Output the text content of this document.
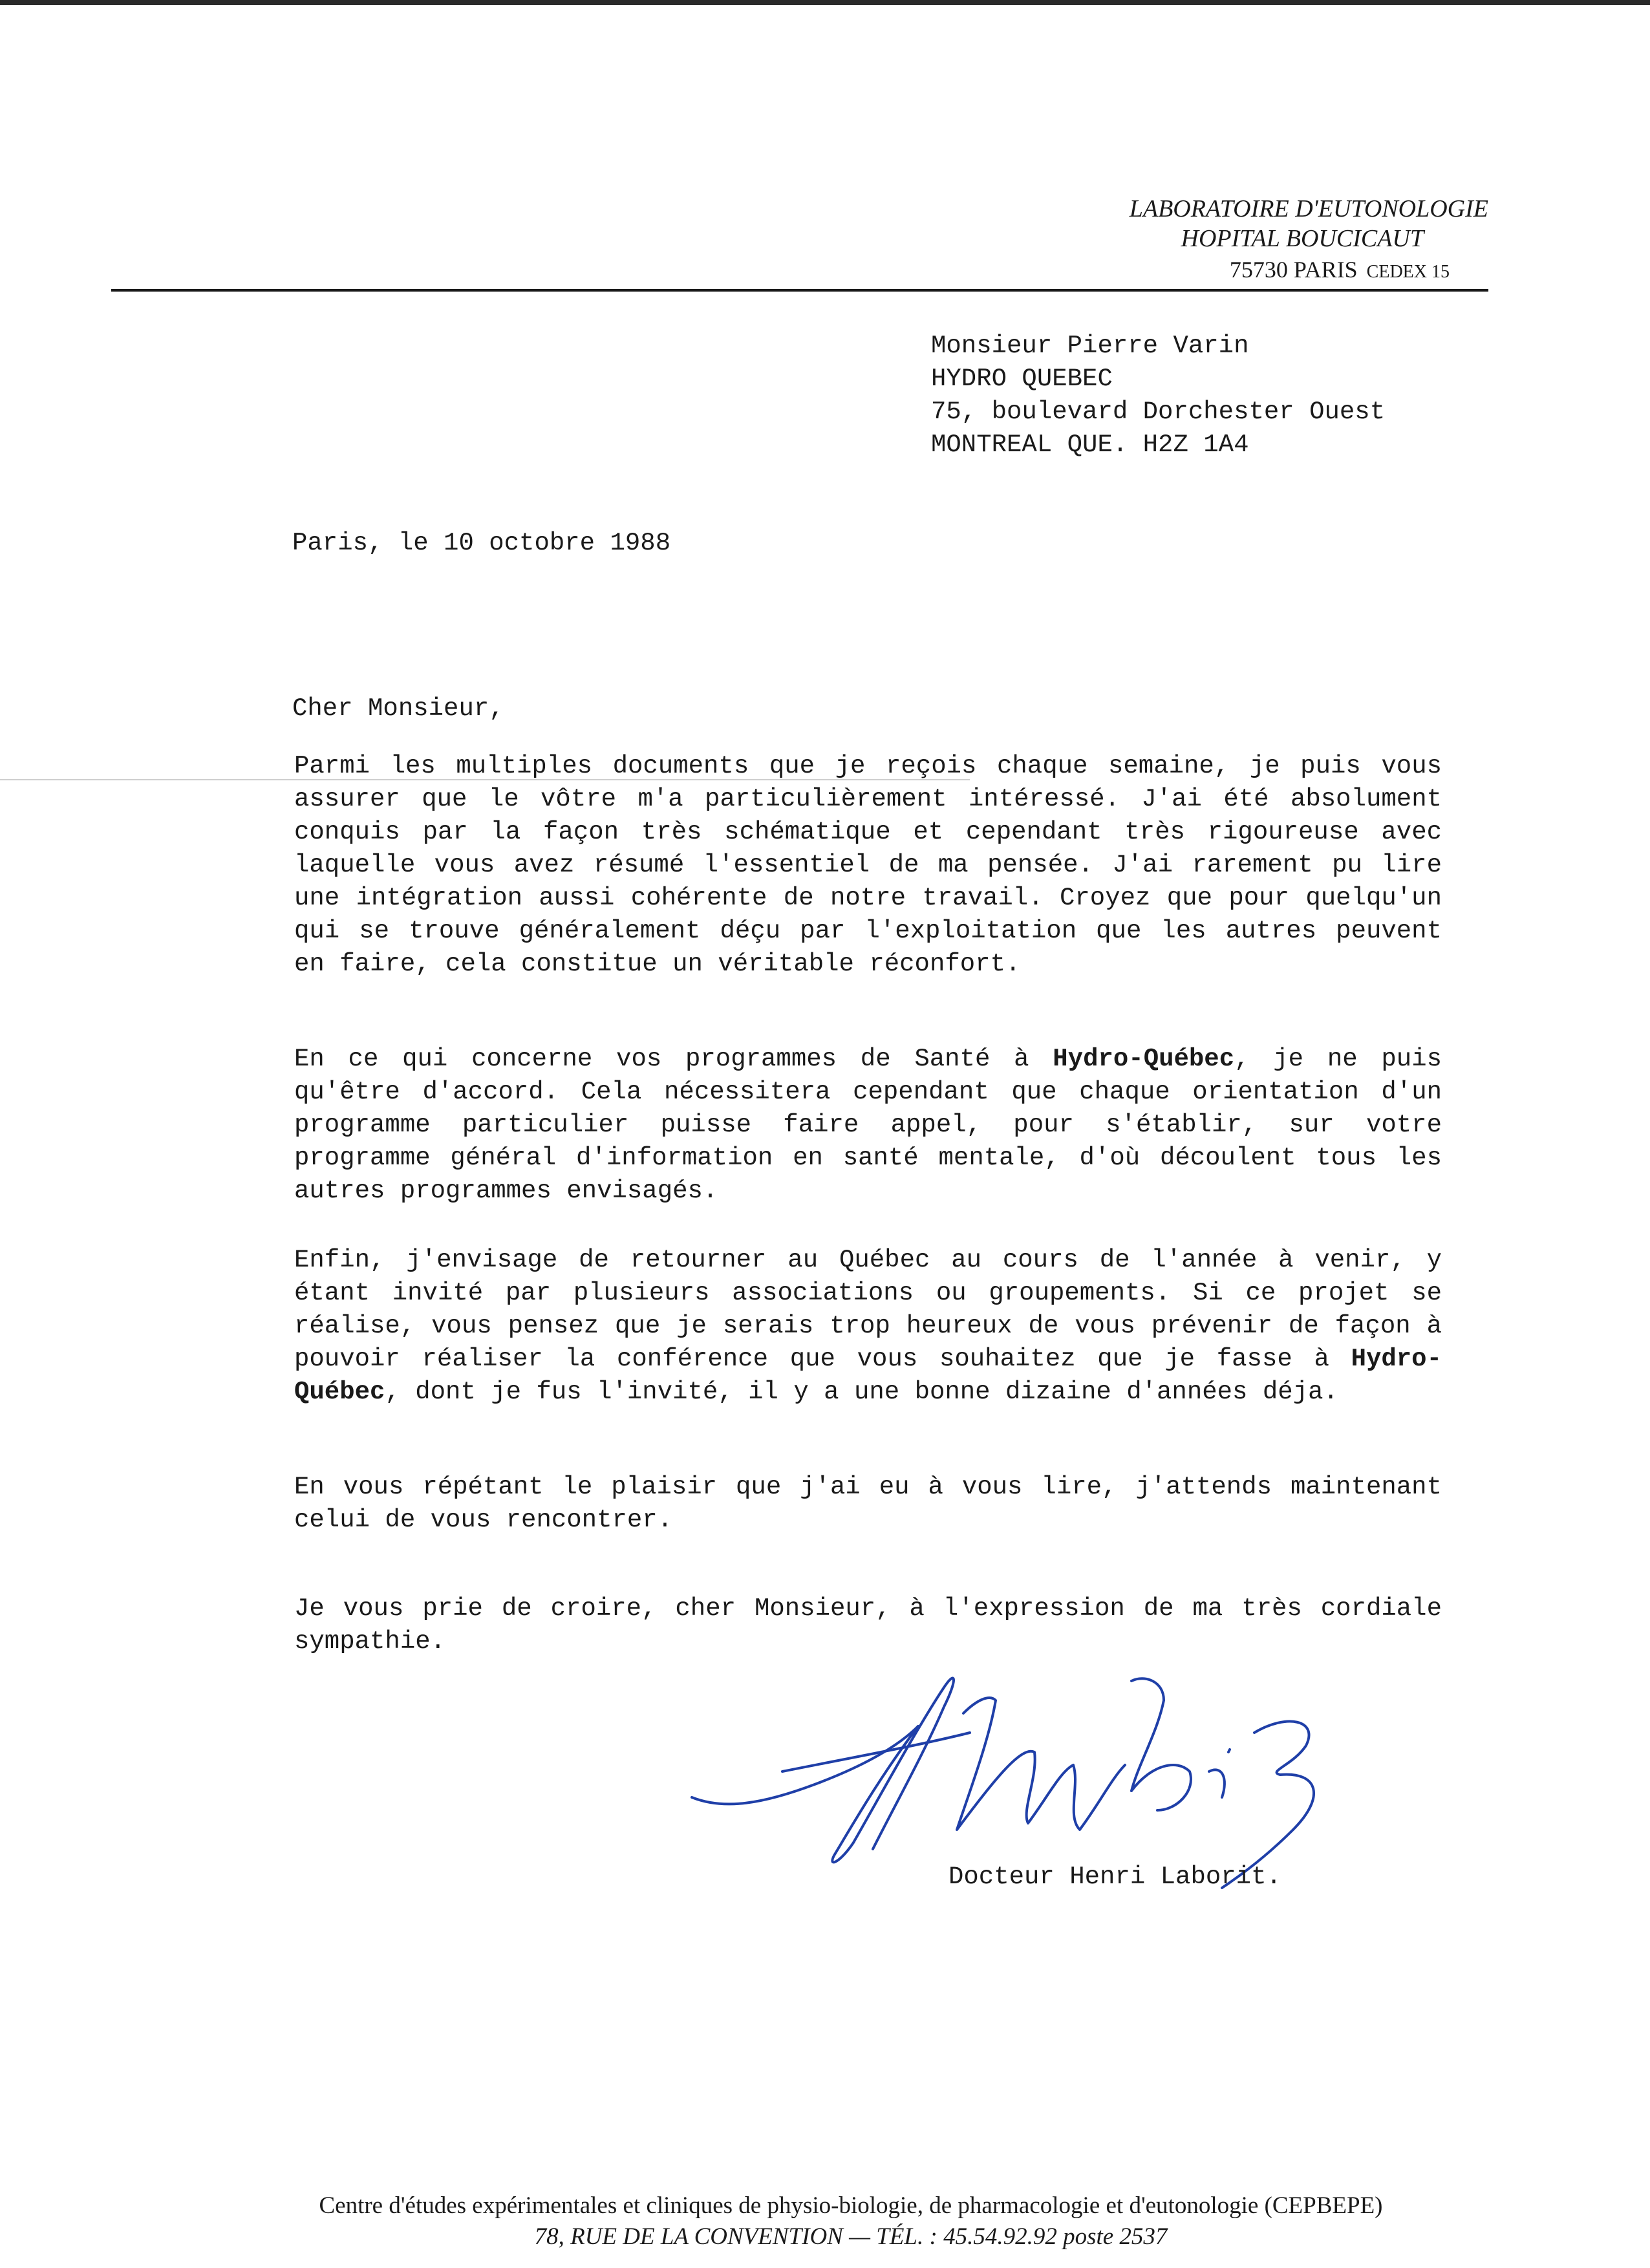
LABORATOIRE D'EUTONOLOGIE
HOPITAL BOUCICAUT
75730 PARIS CEDEX 15
Monsieur Pierre Varin
HYDRO QUEBEC
75, boulevard Dorchester Ouest
MONTREAL QUE. H2Z 1A4
Paris, le 10 octobre 1988
Cher Monsieur,

Parmi les multiples documents que je reçois chaque semaine, je puis vous assurer que le vôtre m'a particulièrement intéressé. J'ai été absolument conquis par la façon très schématique et cependant très rigoureuse avec laquelle vous avez résumé l'essentiel de ma pensée. J'ai rarement pu lire une intégration aussi cohérente de notre travail. Croyez que pour quelqu'un qui se trouve généralement déçu par l'exploitation que les autres peuvent en faire, cela constitue un véritable réconfort.

En ce qui concerne vos programmes de Santé à Hydro-Québec, je ne puis qu'être d'accord. Cela nécessitera cependant que chaque orientation d'un programme particulier puisse faire appel, pour s'établir, sur votre programme général d'information en santé mentale, d'où découlent tous les autres programmes envisagés.

Enfin, j'envisage de retourner au Québec au cours de l'année à venir, y étant invité par plusieurs associations ou groupements. Si ce projet se réalise, vous pensez que je serais trop heureux de vous prévenir de façon à pouvoir réaliser la conférence que vous souhaitez que je fasse à Hydro-Québec, dont je fus l'invité, il y a une bonne dizaine d'années déja.

En vous répétant le plaisir que j'ai eu à vous lire, j'attends maintenant celui de vous rencontrer.

Je vous prie de croire, cher Monsieur, à l'expression de ma très cordiale sympathie.

Docteur Henri Laborit.
Centre d'études expérimentales et cliniques de physio-biologie, de pharmacologie et d'eutonologie (CEPBEPE)
78, RUE DE LA CONVENTION — TÉL. : 45.54.92.92 poste 2537
